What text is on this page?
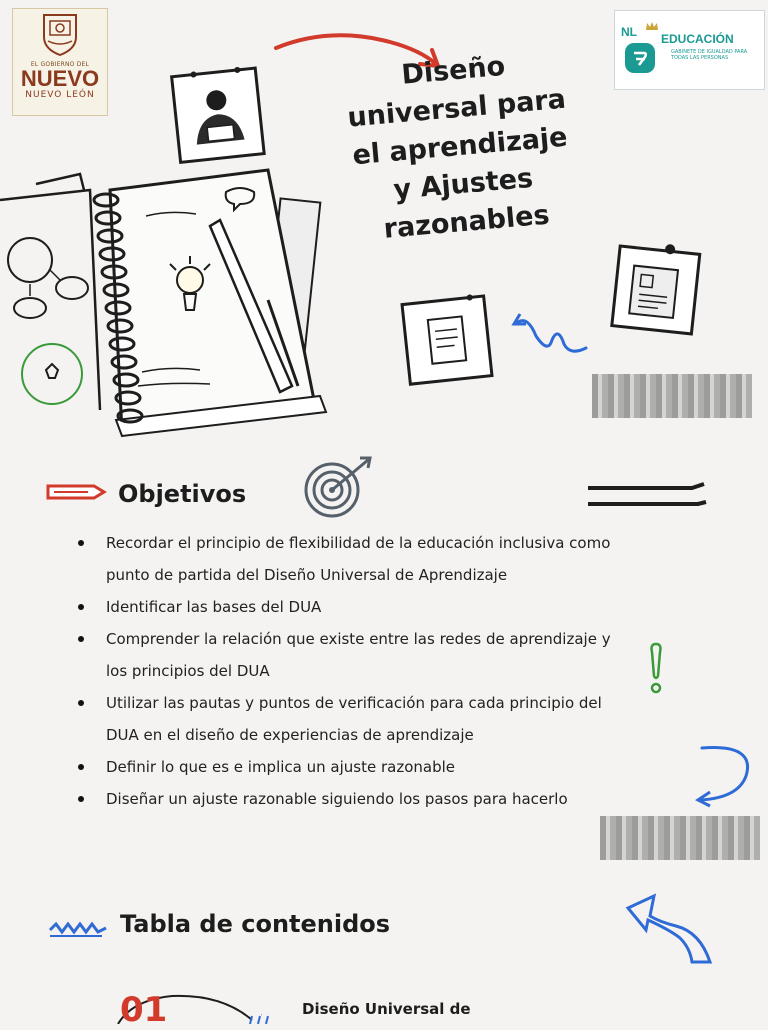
EL GOBIERNO DEL
NUEVO
NUEVO LEÓN
NL EDUCACIÓN
GABINETE DE IGUALDAD PARA TODAS LAS PERSONAS
Diseño
universal para
el aprendizaje
y Ajustes
razonables
Objetivos
Recordar el principio de flexibilidad de la educación inclusiva como punto de partida del Diseño Universal de Aprendizaje
Identificar las bases del DUA
Comprender la relación que existe entre las redes de aprendizaje y los principios del DUA
Utilizar las pautas y puntos de verificación para cada principio del DUA en el diseño de experiencias de aprendizaje
Definir lo que es e implica un ajuste razonable
Diseñar un ajuste razonable siguiendo los pasos para hacerlo
Tabla de contenidos
01	Diseño Universal de
